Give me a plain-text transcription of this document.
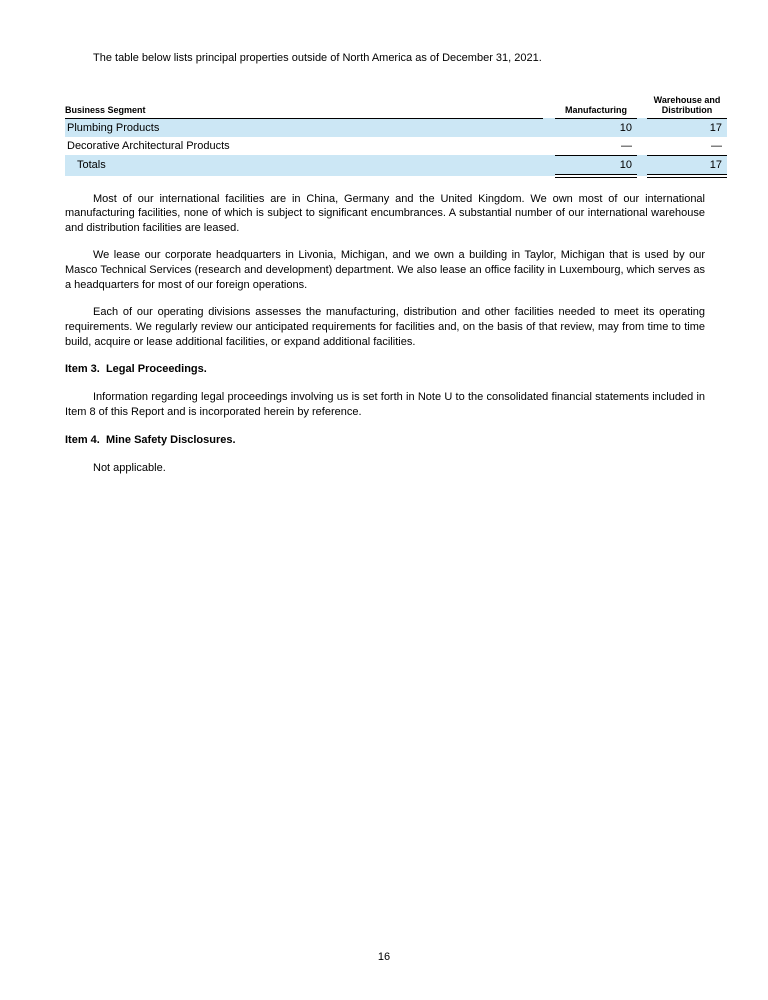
The table below lists principal properties outside of North America as of December 31, 2021.

Business Segment		Manufacturing		Warehouse and Distribution
Plumbing Products		10		17
Decorative Architectural Products		—		—
Totals		10		17

Most of our international facilities are in China, Germany and the United Kingdom. We own most of our international manufacturing facilities, none of which is subject to significant encumbrances. A substantial number of our international warehouse and distribution facilities are leased.

We lease our corporate headquarters in Livonia, Michigan, and we own a building in Taylor, Michigan that is used by our Masco Technical Services (research and development) department. We also lease an office facility in Luxembourg, which serves as a headquarters for most of our foreign operations.

Each of our operating divisions assesses the manufacturing, distribution and other facilities needed to meet its operating requirements. We regularly review our anticipated requirements for facilities and, on the basis of that review, may from time to time build, acquire or lease additional facilities, or expand additional facilities.

Item 3.  Legal Proceedings.

Information regarding legal proceedings involving us is set forth in Note U to the consolidated financial statements included in Item 8 of this Report and is incorporated herein by reference.

Item 4.  Mine Safety Disclosures.

Not applicable.

16
